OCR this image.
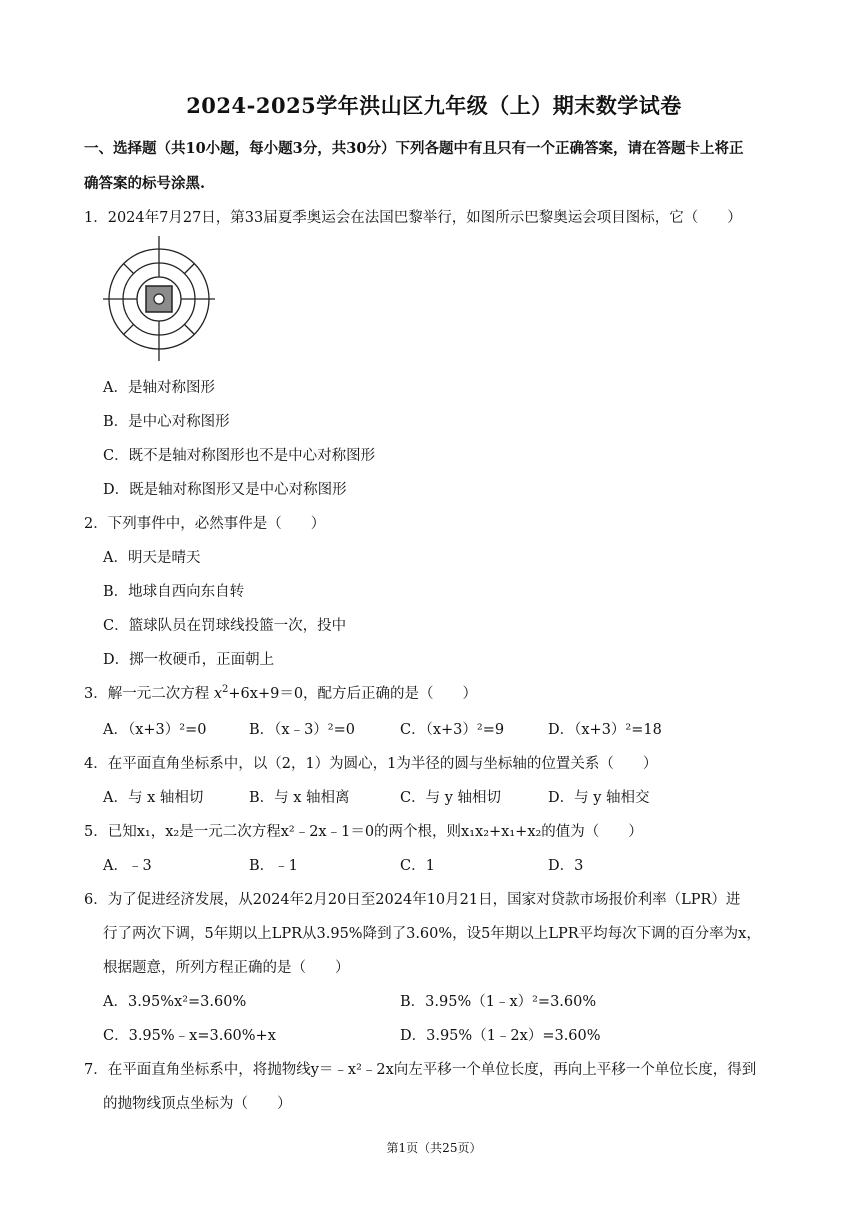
2024-2025学年洪山区九年级（上）期末数学试卷
一、选择题（共10小题，每小题3分，共30分）下列各题中有且只有一个正确答案，请在答题卡上将正
确答案的标号涂黑.
1．2024年7月27日，第33届夏季奥运会在法国巴黎举行，如图所示巴黎奥运会项目图标，它（　　）
A．是轴对称图形
B．是中心对称图形
C．既不是轴对称图形也不是中心对称图形
D．既是轴对称图形又是中心对称图形
2．下列事件中，必然事件是（　　）
A．明天是晴天
B．地球自西向东自转
C．篮球队员在罚球线投篮一次，投中
D．掷一枚硬币，正面朝上
3．解一元二次方程 $x^2+6x+9=0$，配方后正确的是（　　）
A．（x+3）²=0	B．（x﹣3）²=0	C．（x+3）²=9	D．（x+3）²=18
4．在平面直角坐标系中，以（2，1）为圆心，1为半径的圆与坐标轴的位置关系（　　）
A．与 x 轴相切	B．与 x 轴相离	C．与 y 轴相切	D．与 y 轴相交
5．已知x₁，x₂是一元二次方程x²﹣2x﹣1＝0的两个根，则x₁x₂+x₁+x₂的值为（　　）
A．﹣3	B．﹣1	C．1	D．3
6．为了促进经济发展，从2024年2月20日至2024年10月21日，国家对贷款市场报价利率（LPR）进
行了两次下调，5年期以上LPR从3.95%降到了3.60%，设5年期以上LPR平均每次下调的百分率为x，
根据题意，所列方程正确的是（　　）
A．3.95%x²=3.60%	B．3.95%（1﹣x）²=3.60%
C．3.95%﹣x=3.60%+x	D．3.95%（1﹣2x）=3.60%
7．在平面直角坐标系中，将抛物线y＝﹣x²﹣2x向左平移一个单位长度，再向上平移一个单位长度，得到
的抛物线顶点坐标为（　　）
第1页（共25页）
